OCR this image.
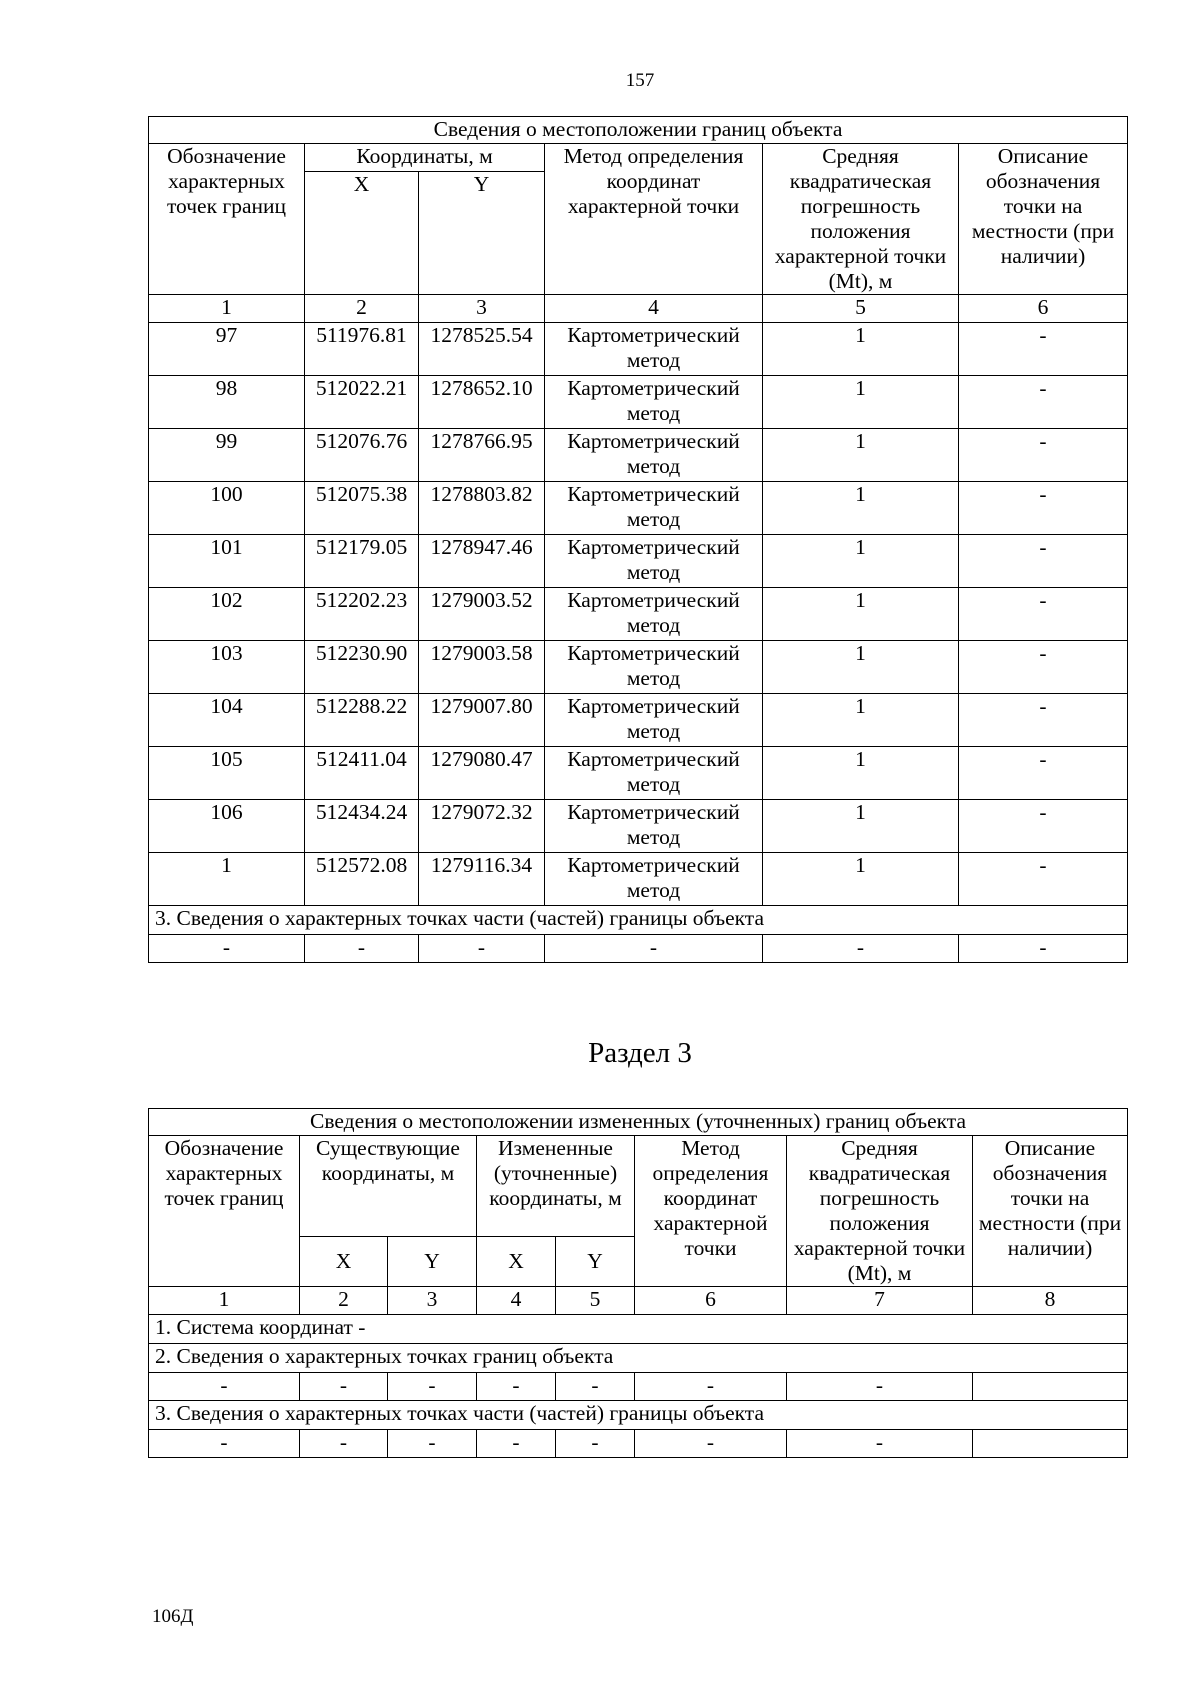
157
Сведения о местоположении границ объекта					
Обозначение характерных точек границ	Координаты, м		Метод определения координат характерной точки	Средняя квадратическая погрешность положения характерной точки (Mt), м	Описание обозначения точки на местности (при наличии)
	X	Y			
1	2	3	4	5	6
97	511976.81	1278525.54	Картометрический метод	1	-
98	512022.21	1278652.10	Картометрический метод	1	-
99	512076.76	1278766.95	Картометрический метод	1	-
100	512075.38	1278803.82	Картометрический метод	1	-
101	512179.05	1278947.46	Картометрический метод	1	-
102	512202.23	1279003.52	Картометрический метод	1	-
103	512230.90	1279003.58	Картометрический метод	1	-
104	512288.22	1279007.80	Картометрический метод	1	-
105	512411.04	1279080.47	Картометрический метод	1	-
106	512434.24	1279072.32	Картометрический метод	1	-
1	512572.08	1279116.34	Картометрический метод	1	-
3. Сведения о характерных точках части (частей) границы объекта					
-	-	-	-	-	-
Раздел 3
Сведения о местоположении измененных (уточненных) границ объекта							
Обозначение характерных точек границ	Существующие координаты, м		Измененные (уточненные) координаты, м		Метод определения координат характерной точки	Средняя квадратическая погрешность положения характерной точки (Mt), м	Описание обозначения точки на местности (при наличии)
	X	Y	X	Y			
1	2	3	4	5	6	7	8
1. Система координат -							
2. Сведения о характерных точках границ объекта							
-	-	-	-	-	-	-	
3. Сведения о характерных точках части (частей) границы объекта							
-	-	-	-	-	-	-	
106Д
